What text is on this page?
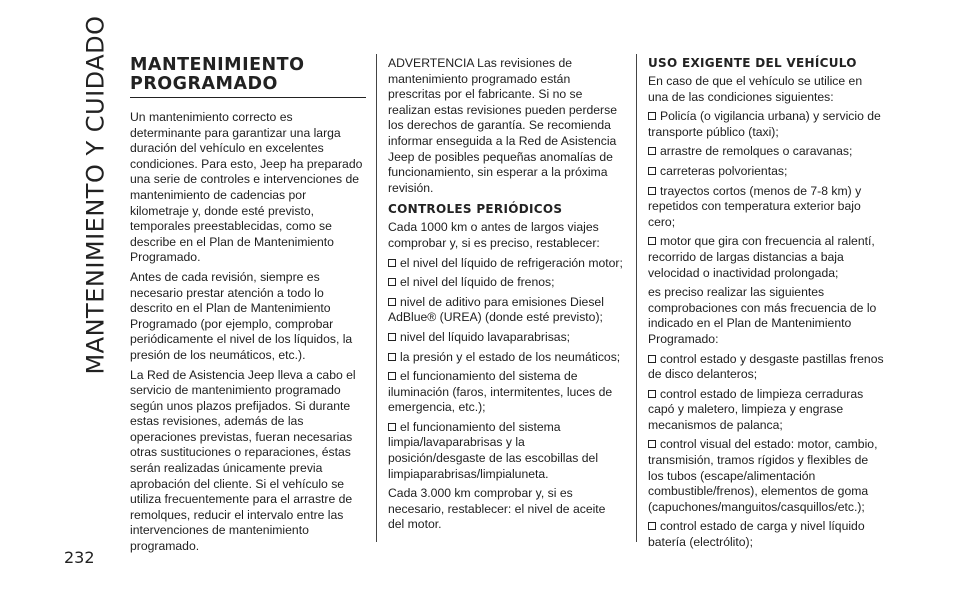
MANTENIMIENTO Y CUIDADO
232
MANTENIMIENTO PROGRAMADO

Un mantenimiento correcto es determinante para garantizar una larga duración del vehículo en excelentes condiciones. Para esto, Jeep ha preparado una serie de controles e intervenciones de mantenimiento de cadencias por kilometraje y, donde esté previsto, temporales preestablecidas, como se describe en el Plan de Mantenimiento Programado.

Antes de cada revisión, siempre es necesario prestar atención a todo lo descrito en el Plan de Mantenimiento Programado (por ejemplo, comprobar periódicamente el nivel de los líquidos, la presión de los neumáticos, etc.).

La Red de Asistencia Jeep lleva a cabo el servicio de mantenimiento programado según unos plazos prefijados. Si durante estas revisiones, además de las operaciones previstas, fueran necesarias otras sustituciones o reparaciones, éstas serán realizadas únicamente previa aprobación del cliente. Si el vehículo se utiliza frecuentemente para el arrastre de remolques, reducir el intervalo entre las intervenciones de mantenimiento programado.

ADVERTENCIA Las revisiones de mantenimiento programado están prescritas por el fabricante. Si no se realizan estas revisiones pueden perderse los derechos de garantía. Se recomienda informar enseguida a la Red de Asistencia Jeep de posibles pequeñas anomalías de funcionamiento, sin esperar a la próxima revisión.

CONTROLES PERIÓDICOS

Cada 1000 km o antes de largos viajes comprobar y, si es preciso, restablecer:

el nivel del líquido de refrigeración motor;

el nivel del líquido de frenos;

nivel de aditivo para emisiones Diesel AdBlue® (UREA) (donde esté previsto);

nivel del líquido lavaparabrisas;

la presión y el estado de los neumáticos;

el funcionamiento del sistema de iluminación (faros, intermitentes, luces de emergencia, etc.);

el funcionamiento del sistema limpia/lavaparabrisas y la posición/desgaste de las escobillas del limpiaparabrisas/limpialuneta.

Cada 3.000 km comprobar y, si es necesario, restablecer: el nivel de aceite del motor.

USO EXIGENTE DEL VEHÍCULO

En caso de que el vehículo se utilice en una de las condiciones siguientes:

Policía (o vigilancia urbana) y servicio de transporte público (taxi);

arrastre de remolques o caravanas;

carreteras polvorientas;

trayectos cortos (menos de 7-8 km) y repetidos con temperatura exterior bajo cero;

motor que gira con frecuencia al ralentí, recorrido de largas distancias a baja velocidad o inactividad prolongada;

es preciso realizar las siguientes comprobaciones con más frecuencia de lo indicado en el Plan de Mantenimiento Programado:

control estado y desgaste pastillas frenos de disco delanteros;

control estado de limpieza cerraduras capó y maletero, limpieza y engrase mecanismos de palanca;

control visual del estado: motor, cambio, transmisión, tramos rígidos y flexibles de los tubos (escape/alimentación combustible/frenos), elementos de goma (capuchones/manguitos/casquillos/etc.);

control estado de carga y nivel líquido batería (electrólito);
